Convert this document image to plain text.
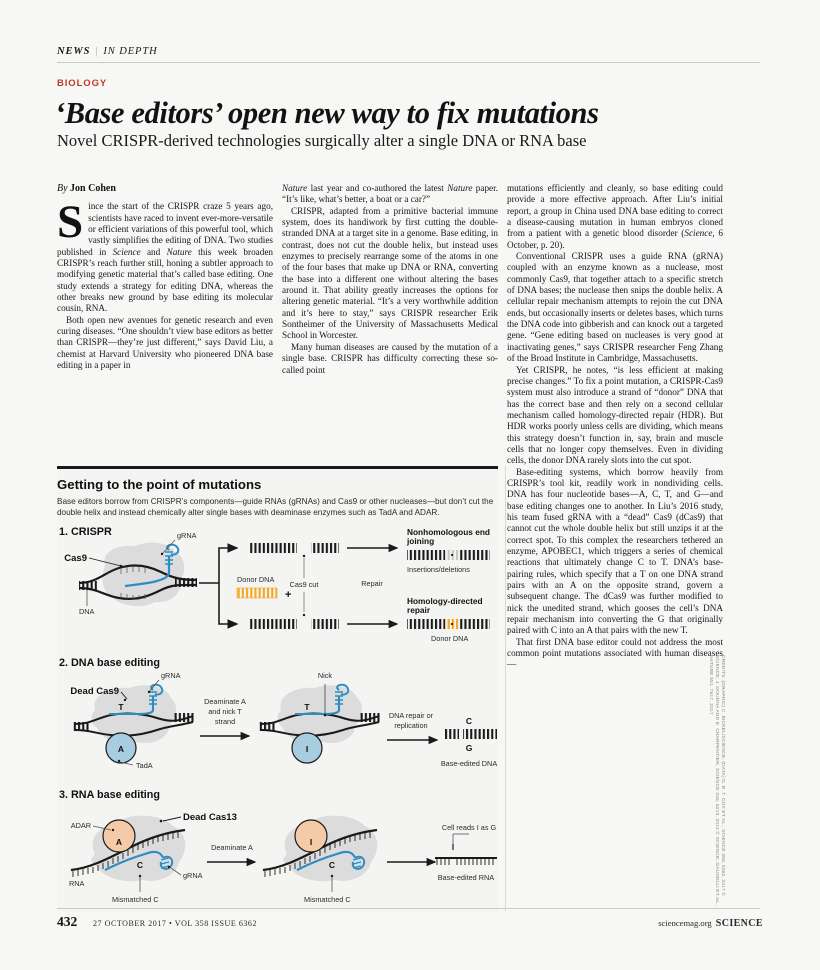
NEWS | IN DEPTH
BIOLOGY
‘Base editors’ open new way to fix mutations
Novel CRISPR-derived technologies surgically alter a single DNA or RNA base
By Jon Cohen

Since the start of the CRISPR craze 5 years ago, scientists have raced to invent ever-more-versatile or efficient variations of this powerful tool, which vastly simplifies the editing of DNA. Two studies published in Science and Nature this week broaden CRISPR’s reach further still, honing a subtler approach to modifying genetic material that’s called base editing. One study extends a strategy for editing DNA, whereas the other breaks new ground by base editing its molecular cousin, RNA.

Both open new avenues for genetic research and even curing diseases. “One shouldn’t view base editors as better than CRISPR—they’re just different,” says David Liu, a chemist at Harvard University who pioneered DNA base editing in a paper in

Nature last year and co-authored the latest Nature paper. “It’s like, what’s better, a boat or a car?”

CRISPR, adapted from a primitive bacterial immune system, does its handiwork by first cutting the double-stranded DNA at a target site in a genome. Base editing, in contrast, does not cut the double helix, but instead uses enzymes to precisely rearrange some of the atoms in one of the four bases that make up DNA or RNA, converting the base into a different one without altering the bases around it. That ability greatly increases the options for altering genetic material. “It’s a very worthwhile addition and it’s here to stay,” says CRISPR researcher Erik Sontheimer of the University of Massachusetts Medical School in Worcester.

Many human diseases are caused by the mutation of a single base. CRISPR has difficulty correcting these so-called point

mutations efficiently and cleanly, so base editing could provide a more effective approach. After Liu’s initial report, a group in China used DNA base editing to correct a disease-causing mutation in human embryos cloned from a patient with a genetic blood disorder (Science, 6 October, p. 20).

Conventional CRISPR uses a guide RNA (gRNA) coupled with an enzyme known as a nuclease, most commonly Cas9, that together attach to a specific stretch of DNA bases; the nuclease then snips the double helix. A cellular repair mechanism attempts to rejoin the cut DNA ends, but occasionally inserts or deletes bases, which turns the DNA code into gibberish and can knock out a targeted gene. “Gene editing based on nucleases is very good at inactivating genes,” says CRISPR researcher Feng Zhang of the Broad Institute in Cambridge, Massachusetts.

Yet CRISPR, he notes, “is less efficient at making precise changes.” To fix a point mutation, a CRISPR-Cas9 system must also introduce a strand of “donor” DNA that has the correct base and then rely on a second cellular mechanism called homology-directed repair (HDR). But HDR works poorly unless cells are dividing, which means this strategy doesn’t function in, say, brain and muscle cells that no longer copy themselves. Even in dividing cells, the donor DNA rarely slots into the cut spot.

Base-editing systems, which borrow heavily from CRISPR’s tool kit, readily work in nondividing cells. DNA has four nucleotide bases—A, C, T, and G—and base editing changes one to another. In Liu’s 2016 study, his team fused gRNA with a “dead” Cas9 (dCas9) that cannot cut the whole double helix but still unzips it at the correct spot. To this complex the researchers tethered an enzyme, APOBEC1, which triggers a series of chemical reactions that ultimately change C to T. DNA’s base-pairing rules, which specify that a T on one DNA strand pairs with an A on the opposite strand, govern a subsequent change. The dCas9 was further modified to nick the unedited strand, which gooses the cell’s DNA repair mechanism into converting the G that originally paired with C into an A that pairs with the new T.

That first DNA base editor could not address the most common point mutations associated with human diseases—

Getting to the point of mutations
Base editors borrow from CRISPR’s components—guide RNAs (gRNAs) and Cas9 or other nucleases—but don’t cut the double helix and instead chemically alter single bases with deaminase enzymes such as TadA and ADAR.
1. CRISPR
Cas9
gRNA
DNA
Cas9 cut
Donor DNA
+
Repair
Nonhomologous end
joining
Insertions/deletions
Homology-directed
repair
Donor DNA
2. DNA base editing
A
TadA
Dead Cas9
gRNA
T
Deaminate A
and nick T
strand
I
T
Nick
DNA repair or
replication	C
G
Base-edited DNA
3. RNA base editing
A
ADAR
Dead Cas13
RNA
C
Mismatched C
gRNA
Deaminate A
I
C
Mismatched C
Cell reads I as G
I
Base-edited RNA	CREDITS: (GRAPHIC) C. BICKEL/SCIENCE; (DATA) D. B. T. COX ET AL., SCIENCE 358, 6362, 2017 © SCIENCE; J. DOUDNA AND E. CHARPENTIER, SCIENCE 346, 6213, 2014 © SCIENCE; GAUDELLI ET AL., NATURE 551, 7617, 2017
432 27 OCTOBER 2017 • VOL 358 ISSUE 6362	sciencemag.org SCIENCE
